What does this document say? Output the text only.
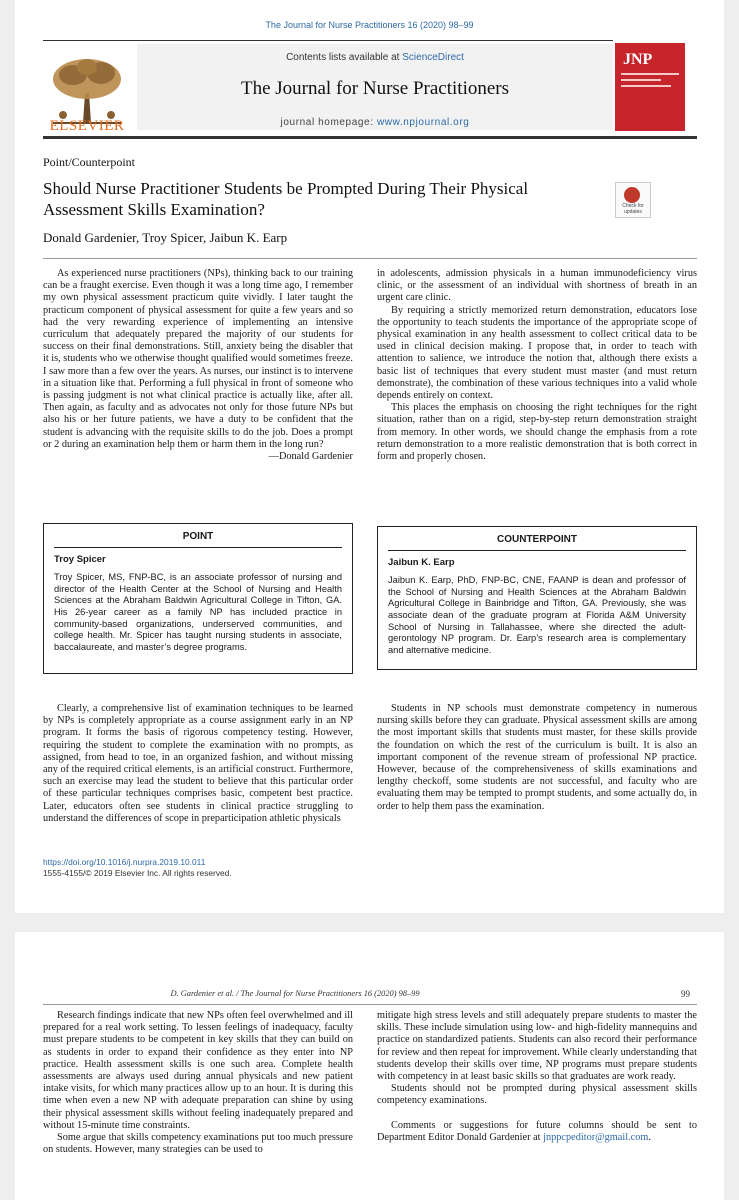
The Journal for Nurse Practitioners 16 (2020) 98–99
ELSEVIER
Contents lists available at ScienceDirect
The Journal for Nurse Practitioners
journal homepage: www.npjournal.org
JNP
Point/Counterpoint
Should Nurse Practitioner Students be Prompted During Their Physical
Assessment Skills Examination?	Check for updates
Donald Gardenier, Troy Spicer, Jaibun K. Earp

As experienced nurse practitioners (NPs), thinking back to our training can be a fraught exercise. Even though it was a long time ago, I remember my own physical assessment practicum quite vividly. I later taught the practicum component of physical assessment for quite a few years and so had the very rewarding experience of implementing an intensive curriculum that adequately prepared the majority of our students for success on their final demonstrations. Still, anxiety being the disabler that it is, students who we otherwise thought qualified would sometimes freeze. I saw more than a few over the years. As nurses, our instinct is to intervene in a situation like that. Performing a full physical in front of someone who is passing judgment is not what clinical practice is actually like, after all. Then again, as faculty and as advocates not only for those future NPs but also his or her future patients, we have a duty to be confident that the student is advancing with the requisite skills to do the job. Does a prompt or 2 during an examination help them or harm them in the long run?

—Donald Gardenier

in adolescents, admission physicals in a human immunodeficiency virus clinic, or the assessment of an individual with shortness of breath in an urgent care clinic.

By requiring a strictly memorized return demonstration, educators lose the opportunity to teach students the importance of the appropriate scope of physical examination in any health assessment to collect critical data to be used in clinical decision making. I propose that, in order to teach with attention to salience, we introduce the notion that, although there exists a basic list of techniques that every student must master (and must return demonstrate), the combination of these various techniques into a valid whole depends entirely on context.

This places the emphasis on choosing the right techniques for the right situation, rather than on a rigid, step-by-step return demonstration straight from memory. In other words, we should change the emphasis from a rote return demonstration to a more realistic demonstration that is both correct in form and properly chosen.

POINT
Troy Spicer
Troy Spicer, MS, FNP-BC, is an associate professor of nursing and director of the Health Center at the School of Nursing and Health Sciences at the Abraham Baldwin Agricultural College in Tifton, GA. His 26-year career as a family NP has included practice in community-based organizations, underserved communities, and college health. Mr. Spicer has taught nursing students in associate, baccalaureate, and master’s degree programs.
COUNTERPOINT
Jaibun K. Earp
Jaibun K. Earp, PhD, FNP-BC, CNE, FAANP is dean and professor of the School of Nursing and Health Sciences at the Abraham Baldwin Agricultural College in Bainbridge and Tifton, GA. Previously, she was associate dean of the graduate program at Florida A&M University School of Nursing in Tallahassee, where she directed the adult-gerontology NP program. Dr. Earp’s research area is complementary and alternative medicine.

Clearly, a comprehensive list of examination techniques to be learned by NPs is completely appropriate as a course assignment early in an NP program. It forms the basis of rigorous competency testing. However, requiring the student to complete the examination with no prompts, as assigned, from head to toe, in an organized fashion, and without missing any of the required critical elements, is an artificial construct. Furthermore, such an exercise may lead the student to believe that this particular order of these particular techniques comprises basic, competent best practice. Later, educators often see students in clinical practice struggling to understand the differences of scope in preparticipation athletic physicals

Students in NP schools must demonstrate competency in numerous nursing skills before they can graduate. Physical assessment skills are among the most important skills that students must master, for these skills provide the foundation on which the rest of the curriculum is built. It is also an important component of the revenue stream of professional NP practice. However, because of the comprehensiveness of skills examinations and lengthy checkoff, some students are not successful, and faculty who are evaluating them may be tempted to prompt students, and some actually do, in order to help them pass the examination.

https://doi.org/10.1016/j.nurpra.2019.10.011
1555-4155/© 2019 Elsevier Inc. All rights reserved.
D. Gardenier et al. / The Journal for Nurse Practitioners 16 (2020) 98–99	99

Research findings indicate that new NPs often feel overwhelmed and ill prepared for a real work setting. To lessen feelings of inadequacy, faculty must prepare students to be competent in key skills that they can build on as students in order to expand their confidence as they enter into NP practice. Health assessment skills is one such area. Complete health assessments are always used during annual physicals and new patient intake visits, for which many practices allow up to an hour. It is during this time when even a new NP with adequate preparation can shine by using their physical assessment skills without feeling inadequately prepared and without 15-minute time constraints.

Some argue that skills competency examinations put too much pressure on students. However, many strategies can be used to

mitigate high stress levels and still adequately prepare students to master the skills. These include simulation using low- and high-fidelity mannequins and practice on standardized patients. Students can also record their performance for review and then repeat for improvement. While clearly understanding that students develop their skills over time, NP programs must prepare students with competency in at least basic skills so that graduates are work ready.

Students should not be prompted during physical assessment skills competency examinations.

Comments or suggestions for future columns should be sent to Department Editor Donald Gardenier at jnppcpeditor@gmail.com.
